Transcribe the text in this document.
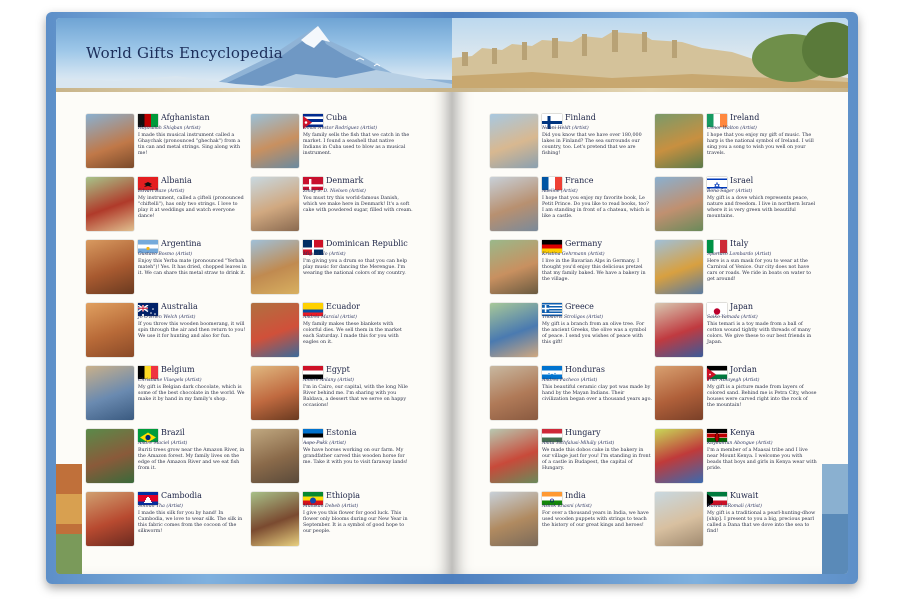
World Gifts Encyclopedia
Afghanistan
Hafizullah Shiqban (Artist)
I made this musical instrument called a Ghaychak (pronounced "ghechak") from a tin can and metal strings. Sing along with me!
Albania
Edvart Baze (Artist)
My instrument, called a çifteli (pronounced "chiftelli"), has only two strings. I love to play it at weddings and watch everyone dance!
Argentina
Gustavo Bosmo (Artist)
Enjoy this Yerba mate (pronounced "Yerbah mateh")! Yes. It has dried, chopped leaves in it. We can share this metal straw to drink it.
Australia
Jo O'Brien Welch (Artist)
If you throw this wooden boomerang, it will spin through the air and then return to you! We use it for hunting and also for fun.
Belgium
Christiane Vlaegels (Artist)
My gift is Belgian dark chocolate, which is some of the best chocolate in the world. We make it by hand in my family's shop.
Brazil
André Maciel (Artist)
Buriti trees grow near the Amazon River, in the Amazon forest. My family lives on the edge of the Amazon River and we eat fish from it.
Cambodia
Sothun Tha (Artist)
I made this silk for you by hand! In Cambodia, we love to wear silk. The silk in this fabric comes from the cocoon of the silkworm!
Cuba
Omàs Nestor Rodriguez (Artist)
My family sells the fish that we catch in the market. I found a seashell that native Indians in Cuba used to blow as a musical instrument.
Denmark
Zindy S. D. Nielsen (Artist)
You must try this world-famous Danish, which we make here in Denmark! It's a soft cake with powdered sugar, filled with cream.
Dominican Republic
Miguel Ho (Artist)
I'm giving you a drum so that you can help play music for dancing the Merengue. I'm wearing the national colors of my country.
Ecuador
Andrés Marcial (Artist)
My family makes these blankets with colorful dies. We sell them in the market each Saturday. I made this for you with eagles on it.
Egypt
Amoro Anlany (Artist)
I'm in Cairo, our capital, with the long Nile River behind me. I'm sharing with you Baldava, a dessert that we serve on happy occasions!
Estonia
Aapo Pukk (Artist)
We have horses working on our farm. My grandfather carved this wooden horse for me. Take it with you to visit faraway lands!
Ethiopia
Mulukan Debeb (Artist)
I give you this flower for good luck. This flower only blooms during our New Year in September. It is a symbol of good hope to our people.
Finland
Nanni Heldt (Artist)
Did you know that we have over 180,000 lakes in Finland? The sea surrounds our country, too. Let's pretend that we are fishing!
France
Adeline (Artist)
I hope that you enjoy my favorite book, Le Petit Prince. Do you like to read books, too? I am standing in front of a chateau, which is like a castle.
Germany
Kristina Gehrmann (Artist)
I live in the Bavarian Alps in Germany. I thought you'd enjoy this delicious pretzel that my family baked. We have a bakery in the village.
Greece
Thodoris Stroligos (Artist)
My gift is a branch from an olive tree. For the ancient Greeks, the olive was a symbol of peace. I send you wishes of peace with this gift!
Honduras
Andres Pacheco (Artist)
This beautiful ceramic clay pot was made by hand by the Mayan Indians. Their civilization began over a thousand years ago.
Hungary
Anita Tóthfalusi-Mihály (Artist)
We made this dobos cake in the bakery in our village just for you! I'm standing in front of a castle in Budapest, the capital of Hungary.
India
Ashok Khasni (Artist)
For over a thousand years in India, we have used wooden puppets with strings to teach the history of our great kings and heroes!
Ireland
Conor Walton (Artist)
I hope that you enjoy my gift of music. The harp is the national symbol of Ireland. I will sing you a song to wish you well on your travels.
Israel
Bona Sager (Artist)
My gift is a dove which represents peace, nature and freedom. I live in northern Israel where it is very green with beautiful mountains.
Italy
Spartaco Lombardo (Artist)
Here is a sun mask for you to wear at the Carnival of Venice. Our city does not have cars or roads. We ride in boats on water to get around!
Japan
Saiko Yamada (Artist)
This temari is a toy made from a ball of cotton wound tightly with threads of many colors. We give these to our best friends in Japan.
Jordan
Thar AlSayegh (Artist)
My gift is a picture made from layers of colored sand. Behind me is Petra City, whose houses were carved right into the rock of the mountain!
Kenya
Kayiluhtun Abongue (Artist)
I'm a member of a Maasai tribe and I live near Mount Kenya. I welcome you with beads that boys and girls in Kenya wear with pride.
Kuwait
Nawal alRomali (Artist)
My gift is a traditional a pearl-hunting-dhow [ship]. I present to you a big, precious pearl called a Dana that we dove into the sea to find!
